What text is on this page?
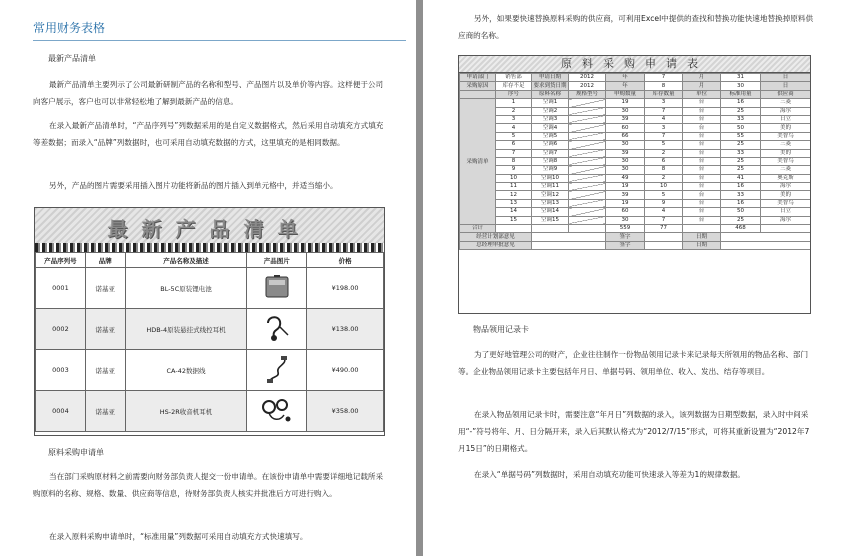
常用财务表格
最新产品清单
最新产品清单主要列示了公司最新研制产品的名称和型号、产品图片以及单价等内容。这样便于公司向客户展示，客户也可以非常轻松地了解到最新产品的信息。
在录入最新产品清单时，“产品序列号”列数据采用的是自定义数据格式，然后采用自动填充方式填充等差数据；而录入“品牌”列数据时，也可采用自动填充数据的方式，这里填充的是相同数据。
另外，产品的图片需要采用插入图片功能将新品的图片插入到单元格中，并适当缩小。
最新产品清单
产品序列号	品牌	产品名称及描述	产品图片	价格
0001	诺基亚	BL-5C原装锂电池		¥198.00
0002	诺基亚	HDB-4原装悬挂式线控耳机		¥138.00
0003	诺基亚	CA-42数据线		¥490.00
0004	诺基亚	HS-2R收音机耳机		¥358.00
原料采购申请单
当在部门采购原材料之前需要向财务部负责人提交一份申请单。在该份申请单中需要详细地记载所采购原料的名称、规格、数量、供应商等信息，待财务部负责人核实并批准后方可进行购入。
在录入原料采购申请单时，“标准用量”列数据可采用自动填充方式快速填写。
另外，如果要快速替换原料采购的供应商，可利用Excel中提供的查找和替换功能快速地替换掉原料供应商的名称。
原料采购申请表
申请部门	销售部	申请日期	2012	年	7	月	31	日
采购原因	库存不足	要求到货日期	2012	年	8	月	30	日
	序号	原料名称	规格型号	申购数量	库存数量	单位	标准用量	供应商
采购清单	1	空调1		19	3	台	16	三菱
	2	空调2		30	7	台	25	海尔
	3	空调3		39	4	台	33	日立
	4	空调4		60	3	台	50	美的
	5	空调5		66	7	台	55	美智鸟
	6	空调6		30	5	台	25	三菱
	7	空调7		39	2	台	33	美的
	8	空调8		30	6	台	25	美智鸟
	9	空调9		30	8	台	25	三菱
	10	空调10		49	2	台	41	奥克斯
	11	空调11		19	10	台	16	海尔
	12	空调12		39	5	台	33	美的
	13	空调13		19	9	台	16	美智鸟
	14	空调14		60	4	台	50	日立
	15	空调15		30	7	台	25	海尔
合计				559	77		468	
经营计划部意见				签字		日期		
总经理审批意见				签字		日期		
物品领用记录卡
为了更好地管理公司的财产，企业往往制作一份物品领用记录卡来记录每天所领用的物品名称、部门等。企业物品领用记录卡主要包括年月日、单据号码、领用单位、收入、发出、结存等项目。
在录入物品领用记录卡时，需要注意“年月日”列数据的录入，该列数据为日期型数据，录入时中间采用“-”符号将年、月、日分隔开来，录入后其默认格式为“2012/7/15”形式，可将其重新设置为“2012年7月15日”的日期格式。
在录入“单据号码”列数据时，采用自动填充功能可快速录入等差为1的规律数据。
